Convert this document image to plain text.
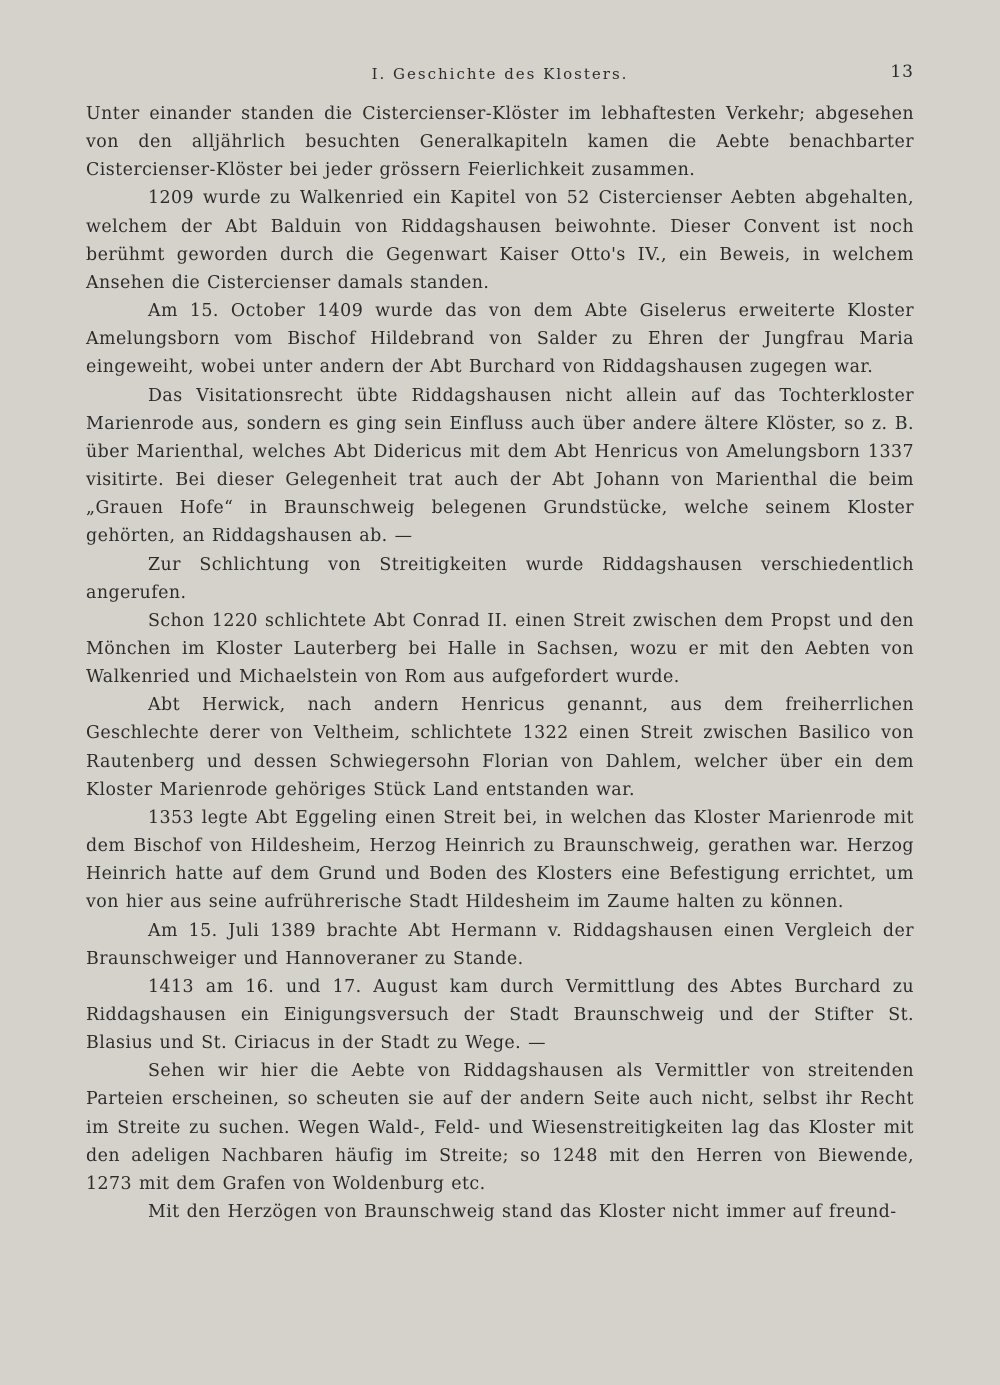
I. Geschichte des Klosters.	13

Unter einander standen die Cistercienser-Klöster im lebhaftesten Verkehr; abgesehen von den alljährlich besuchten Generalkapiteln kamen die Aebte benachbarter Cistercienser-Klöster bei jeder grössern Feierlichkeit zusammen.

1209 wurde zu Walkenried ein Kapitel von 52 Cistercienser Aebten abgehalten, welchem der Abt Balduin von Riddagshausen beiwohnte. Dieser Convent ist noch berühmt geworden durch die Gegenwart Kaiser Otto's IV., ein Beweis, in welchem Ansehen die Cistercienser damals standen.

Am 15. October 1409 wurde das von dem Abte Giselerus erweiterte Kloster Amelungsborn vom Bischof Hildebrand von Salder zu Ehren der Jungfrau Maria eingeweiht, wobei unter andern der Abt Burchard von Riddagshausen zugegen war.

Das Visitationsrecht übte Riddagshausen nicht allein auf das Tochterkloster Marienrode aus, sondern es ging sein Einfluss auch über andere ältere Klöster, so z. B. über Marienthal, welches Abt Didericus mit dem Abt Henricus von Amelungsborn 1337 visitirte. Bei dieser Gelegenheit trat auch der Abt Johann von Marienthal die beim „Grauen Hofe“ in Braunschweig belegenen Grundstücke, welche seinem Kloster gehörten, an Riddagshausen ab. —

Zur Schlichtung von Streitigkeiten wurde Riddagshausen verschiedentlich angerufen.

Schon 1220 schlichtete Abt Conrad II. einen Streit zwischen dem Propst und den Mönchen im Kloster Lauterberg bei Halle in Sachsen, wozu er mit den Aebten von Walkenried und Michaelstein von Rom aus aufgefordert wurde.

Abt Herwick, nach andern Henricus genannt, aus dem freiherrlichen Geschlechte derer von Veltheim, schlichtete 1322 einen Streit zwischen Basilico von Rautenberg und dessen Schwiegersohn Florian von Dahlem, welcher über ein dem Kloster Marienrode gehöriges Stück Land entstanden war.

1353 legte Abt Eggeling einen Streit bei, in welchen das Kloster Marienrode mit dem Bischof von Hildesheim, Herzog Heinrich zu Braunschweig, gerathen war. Herzog Heinrich hatte auf dem Grund und Boden des Klosters eine Befestigung errichtet, um von hier aus seine aufrührerische Stadt Hildesheim im Zaume halten zu können.

Am 15. Juli 1389 brachte Abt Hermann v. Riddagshausen einen Vergleich der Braunschweiger und Hannoveraner zu Stande.

1413 am 16. und 17. August kam durch Vermittlung des Abtes Burchard zu Riddagshausen ein Einigungsversuch der Stadt Braunschweig und der Stifter St. Blasius und St. Ciriacus in der Stadt zu Wege. —

Sehen wir hier die Aebte von Riddagshausen als Vermittler von streitenden Parteien erscheinen, so scheuten sie auf der andern Seite auch nicht, selbst ihr Recht im Streite zu suchen. Wegen Wald-, Feld- und Wiesenstreitigkeiten lag das Kloster mit den adeligen Nachbaren häufig im Streite; so 1248 mit den Herren von Biewende, 1273 mit dem Grafen von Woldenburg etc.

Mit den Herzögen von Braunschweig stand das Kloster nicht immer auf freund-
